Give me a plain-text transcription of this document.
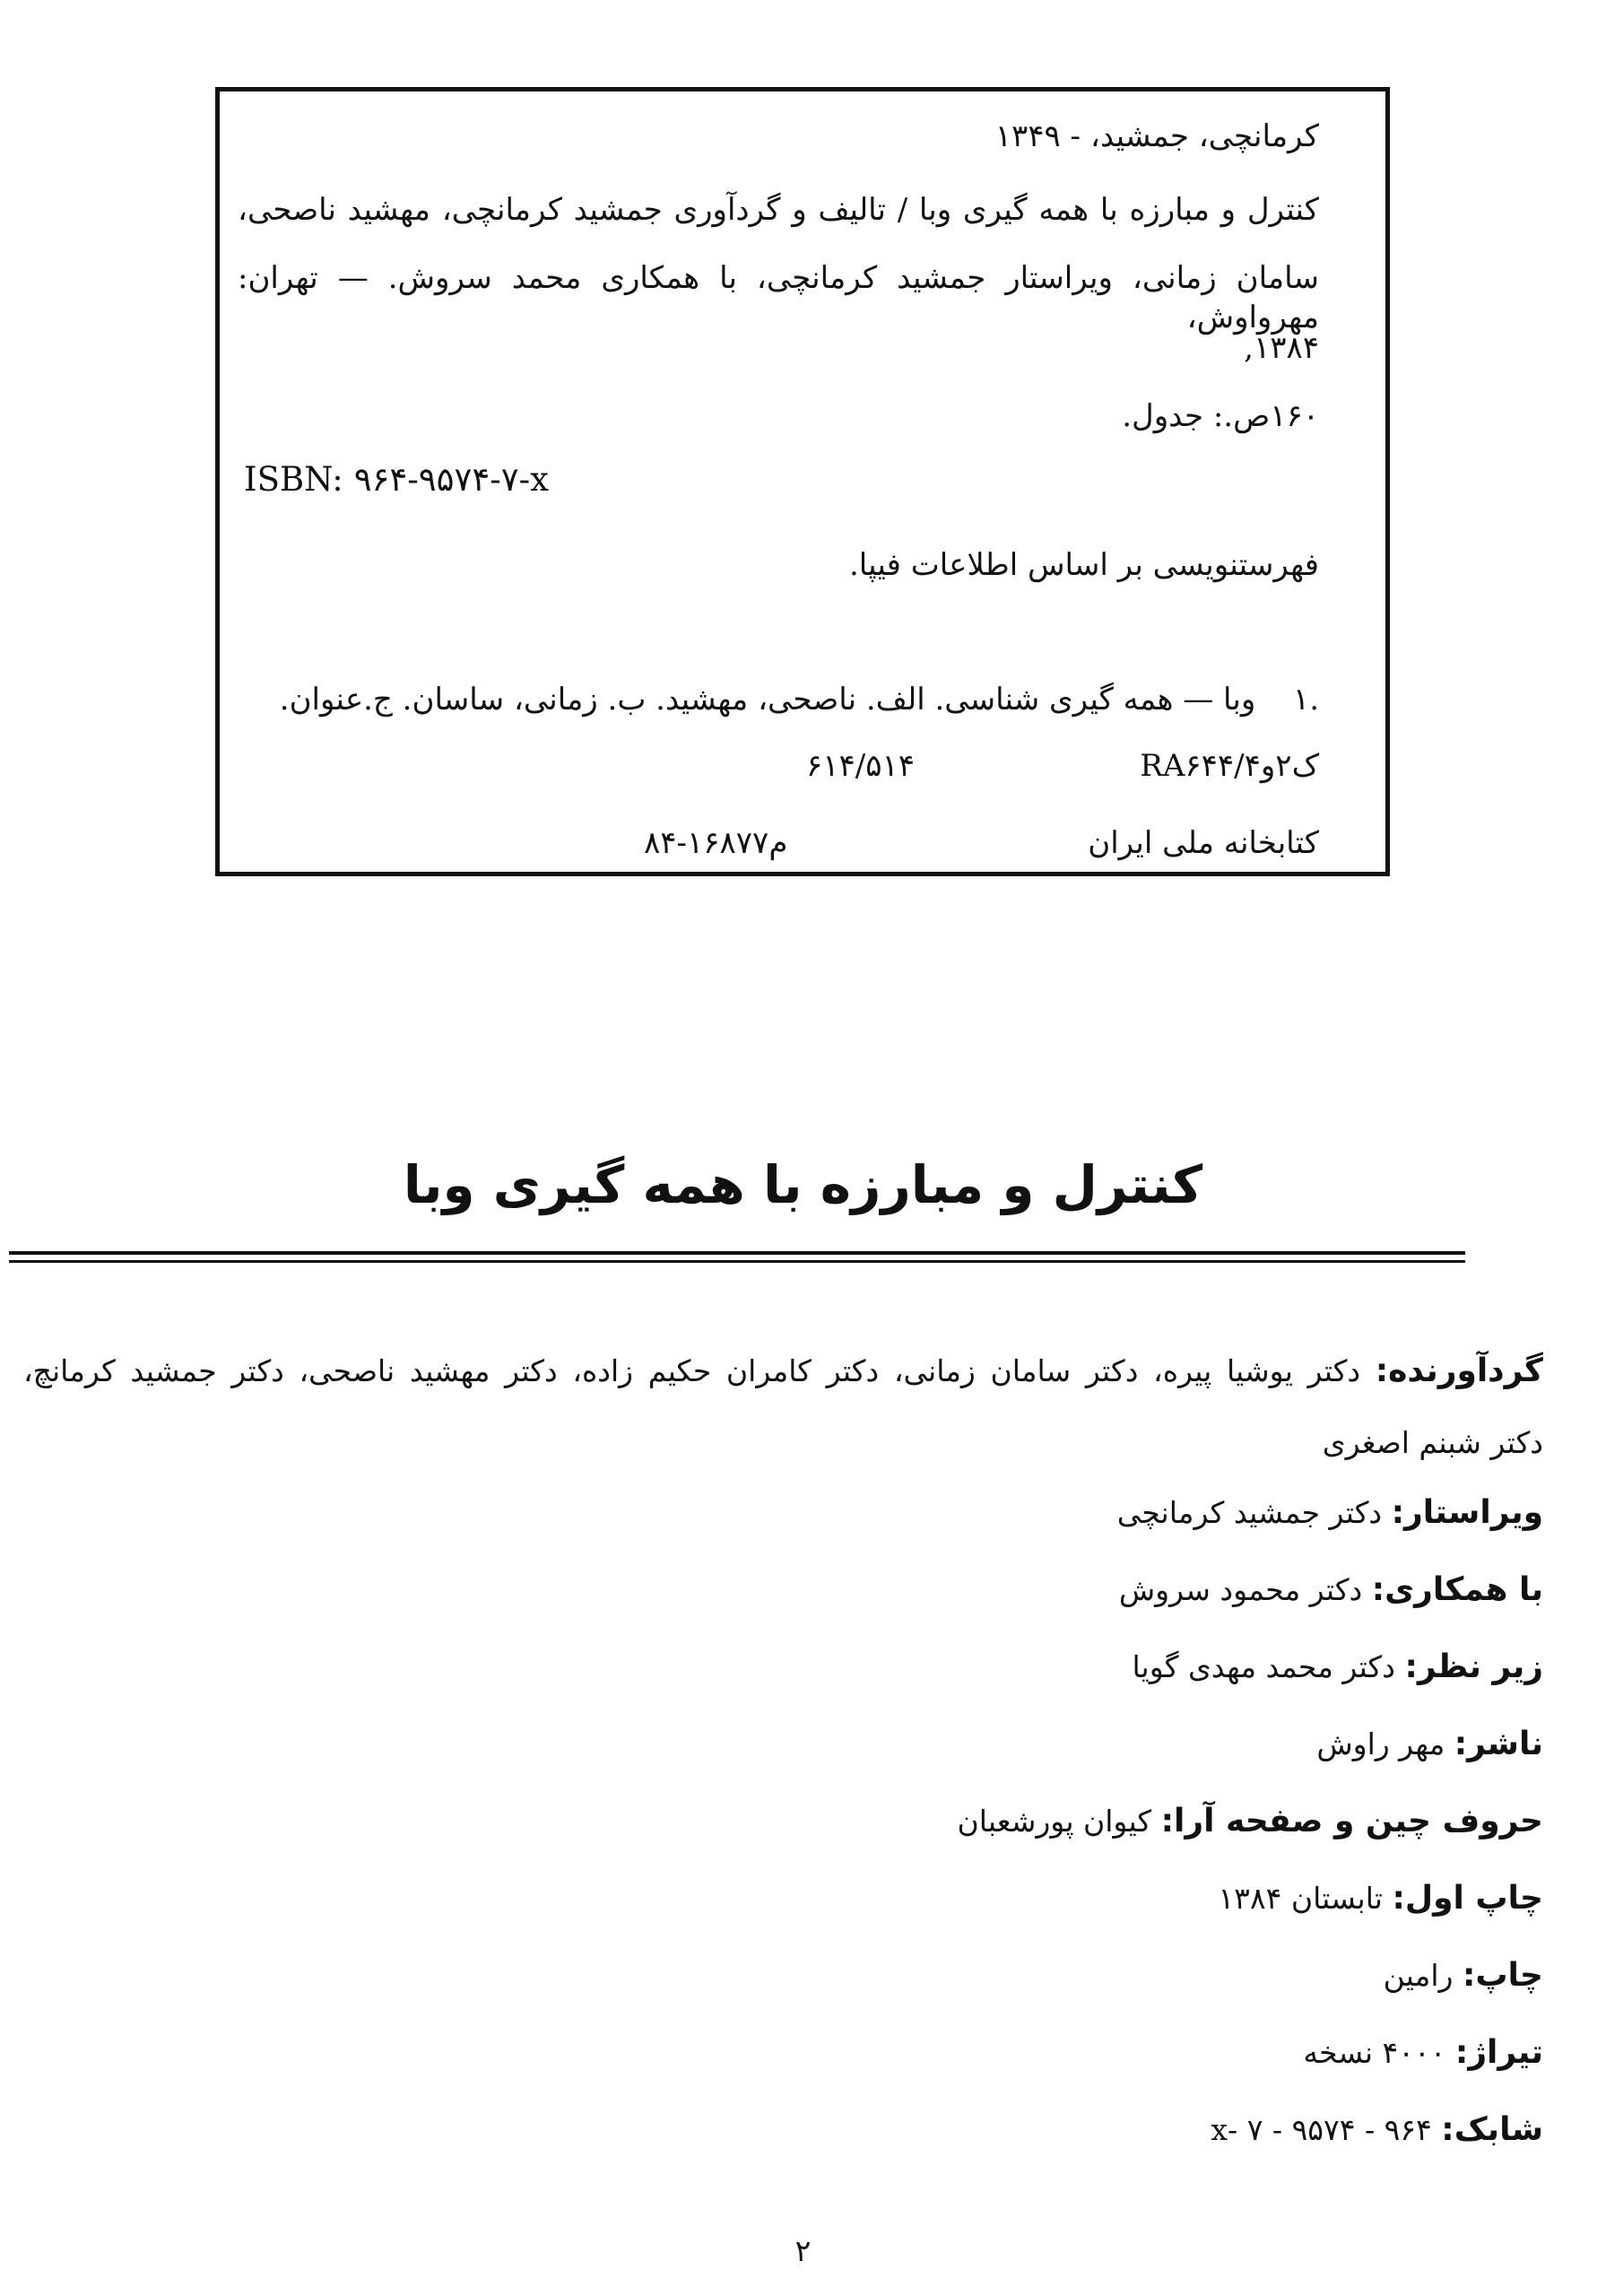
کرمانچی، جمشید، - ۱۳۴۹
کنترل و مبارزه با همه گیری وبا / تالیف و گردآوری جمشید کرمانچی، مهشید ناصحی،
سامان زمانی، ویراستار جمشید کرمانچی، با همکاری محمد سروش. — تهران: مهرواوش،
۱۳۸۴,
۱۶۰ص.: جدول.
ISBN: ۹۶۴-۹۵۷۴-۷-x
فهرستنویسی بر اساس اطلاعات فیپا.
.۱  وبا — همه گیری شناسی. الف. ناصحی، مهشید. ب. زمانی، ساسان. ج.عنوان.
RA۶۴۴/۴ک۲و
۶۱۴/۵۱۴
کتابخانه ملی ایران
۸۴-۱۶۸۷۷م
کنترل و مبارزه با همه گیری وبا
گردآورنده: دکتر یوشیا پیره، دکتر سامان زمانی، دکتر کامران حکیم زاده، دکتر مهشید ناصحی، دکتر جمشید کرمانچ،
دکتر شبنم اصغری
ویراستار: دکتر جمشید کرمانچی
با همکاری: دکتر محمود سروش
زیر نظر: دکتر محمد مهدی گویا
ناشر: مهر راوش
حروف چین و صفحه آرا: کیوان پورشعبان
چاپ اول: تابستان ۱۳۸۴
چاپ: رامین
تیراژ: ۴۰۰۰ نسخه
شابک: ۹۶۴ - ۹۵۷۴ - ۷ -x
۲
